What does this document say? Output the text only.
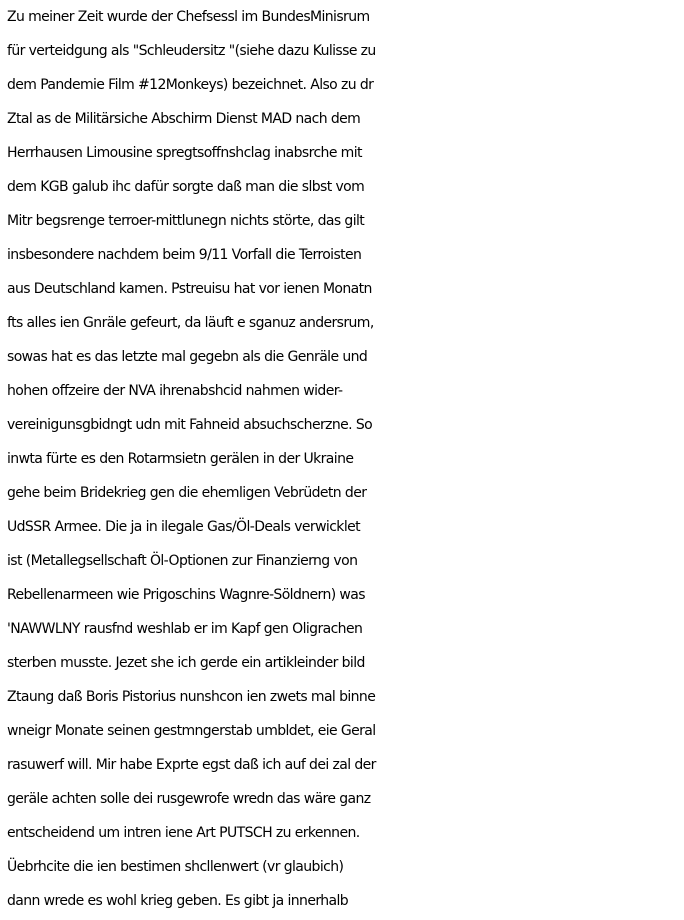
Zu meiner Zeit wurde der Chefsessl im BundesMinisrum
für verteidgung als "Schleudersitz "(siehe dazu Kulisse zu
dem Pandemie Film #12Monkeys) bezeichnet. Also zu dr
Ztal as de Militärsiche Abschirm Dienst MAD nach dem
Herrhausen Limousine spregtsoffnshclag inabsrche mit
dem KGB galub ihc dafür sorgte daß man die slbst vom
Mitr begsrenge terroer-mittlunegn nichts störte, das gilt
insbesondere nachdem beim 9/11 Vorfall die Terroisten
aus Deutschland kamen. Pstreuisu hat vor ienen Monatn
fts alles ien Gnräle gefeurt, da läuft e sganuz andersrum,
sowas hat es das letzte mal gegebn als die Genräle und
hohen offzeire der NVA ihrenabshcid nahmen wider-
vereinigunsgbidngt udn mit Fahneid absuchscherzne. So
inwta fürte es den Rotarmsietn gerälen in der Ukraine
gehe beim Bridekrieg gen die ehemligen Vebrüdetn der
UdSSR Armee. Die ja in ilegale Gas/Öl-Deals verwicklet
ist (Metallegsellschaft Öl-Optionen zur Finanzierng von
Rebellenarmeen wie Prigoschins Wagnre-Söldnern) was
'NAWWLNY rausfnd weshlab er im Kapf gen Oligrachen
sterben musste. Jezet she ich gerde ein artikleinder bild
Ztaung daß Boris Pistorius nunshcon ien zwets mal binne
wneigr Monate seinen gestmngerstab umbldet, eie Geral
rasuwerf will. Mir habe Exprte egst daß ich auf dei zal der
geräle achten solle dei rusgewrofe wredn das wäre ganz
entscheidend um intren iene Art PUTSCH zu erkennen.
Üebrhcite die ien bestimen shcllenwert (vr glaubich)
dann wrede es wohl krieg geben. Es gibt ja innerhalb
